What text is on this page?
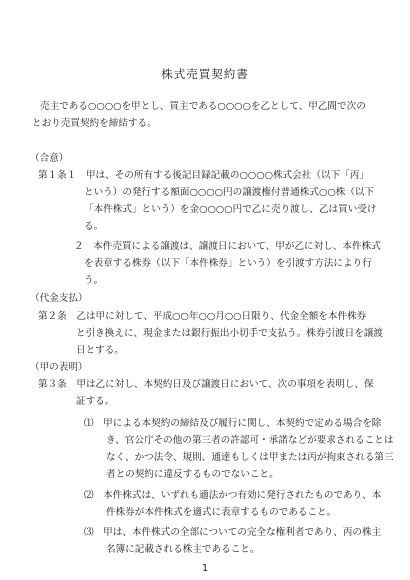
株式売買契約書
売主である○○○○を甲とし、買主である○○○○を乙として、甲乙間で次の
とおり売買契約を締結する。
（合意）
第１条１　甲は、その所有する後記目録記載の○○○○株式会社（以下「丙」
という）の発行する額面○○○○円の譲渡権付普通株式○○株（以下
「本件株式」という）を金○○○○円で乙に売り渡し、乙は買い受け
る。
２　本件売買による譲渡は、譲渡日において、甲が乙に対し、本件株式
を表章する株券（以下「本件株券」という）を引渡す方法により行
う。
（代金支払）
第２条　乙は甲に対して、平成○○年○○月○○日限り、代金全額を本件株券
と引き換えに、現金または銀行振出小切手で支払う。株券引渡日を譲渡
日とする。
（甲の表明）
第３条　甲は乙に対し、本契約日及び譲渡日において、次の事項を表明し、保
証する。
⑴　甲による本契約の締結及び履行に関し、本契約で定める場合を除
き、官公庁その他の第三者の許認可・承諾などが要求されることは
なく、かつ法令、規則、通達もしくは甲または丙が拘束される第三
者との契約に違反するものでないこと。
⑵　本件株式は、いずれも適法かつ有効に発行されたものであり、本
件株券が本件株式を適式に表章するものであること。
⑶　甲は、本件株式の全部についての完全な権利者であり、丙の株主
名簿に記載される株主であること。
1
